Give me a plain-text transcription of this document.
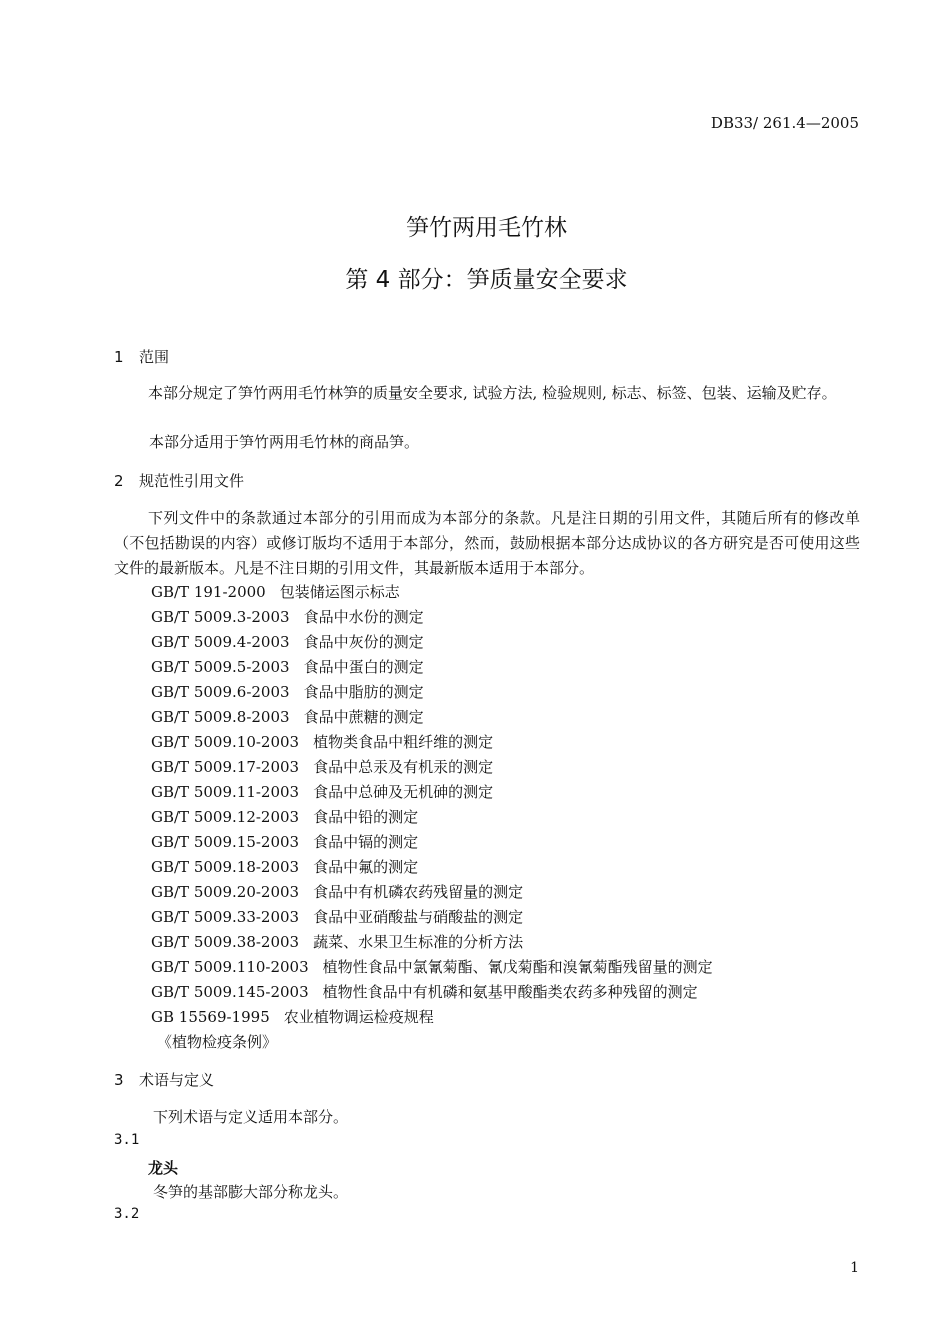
DB33/ 261.4—2005
笋竹两用毛竹林
第 4 部分：笋质量安全要求
1 范围
本部分规定了笋竹两用毛竹林笋的质量安全要求, 试验方法, 检验规则, 标志、标签、包装、运输及贮存。
本部分适用于笋竹两用毛竹林的商品笋。
2 规范性引用文件
下列文件中的条款通过本部分的引用而成为本部分的条款。凡是注日期的引用文件，其随后所有的修改单（不包括勘误的内容）或修订版均不适用于本部分，然而，鼓励根据本部分达成协议的各方研究是否可使用这些文件的最新版本。凡是不注日期的引用文件，其最新版本适用于本部分。
GB/T 191-2000 包装储运图示标志
GB/T 5009.3-2003 食品中水份的测定
GB/T 5009.4-2003 食品中灰份的测定
GB/T 5009.5-2003 食品中蛋白的测定
GB/T 5009.6-2003 食品中脂肪的测定
GB/T 5009.8-2003 食品中蔗糖的测定
GB/T 5009.10-2003 植物类食品中粗纤维的测定
GB/T 5009.17-2003 食品中总汞及有机汞的测定
GB/T 5009.11-2003 食品中总砷及无机砷的测定
GB/T 5009.12-2003 食品中铅的测定
GB/T 5009.15-2003 食品中镉的测定
GB/T 5009.18-2003 食品中氟的测定
GB/T 5009.20-2003 食品中有机磷农药残留量的测定
GB/T 5009.33-2003 食品中亚硝酸盐与硝酸盐的测定
GB/T 5009.38-2003 蔬菜、水果卫生标准的分析方法
GB/T 5009.110-2003 植物性食品中氯氰菊酯、氰戊菊酯和溴氰菊酯残留量的测定
GB/T 5009.145-2003 植物性食品中有机磷和氨基甲酸酯类农药多种残留的测定
GB 15569-1995 农业植物调运检疫规程
《植物检疫条例》
3 术语与定义
下列术语与定义适用本部分。
3.1
龙头
冬笋的基部膨大部分称龙头。
3.2
1
